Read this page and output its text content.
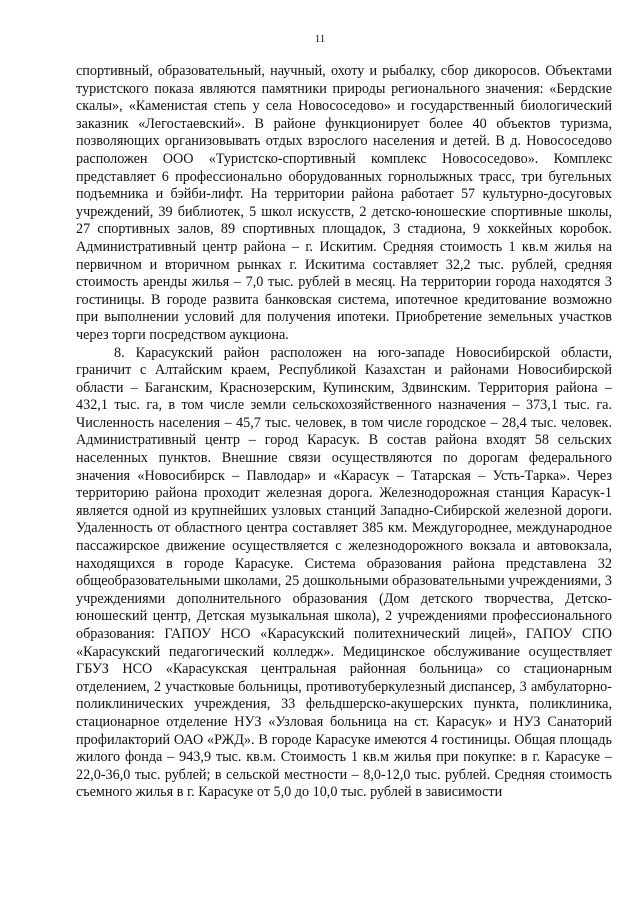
11

спортивный, образовательный, научный, охоту и рыбалку, сбор дикоросов. Объектами туристского показа являются памятники природы регионального значения: «Бердские скалы», «Каменистая степь у села Новососедово» и государственный биологический заказник «Легостаевский». В районе функционирует более 40 объектов туризма, позволяющих организовывать отдых взрослого населения и детей. В д. Новососедово расположен ООО «Туристско-спортивный комплекс Новососедово». Комплекс представляет 6 профессионально оборудованных горнолыжных трасс, три бугельных подъемника и бэйби-лифт. На территории района работает 57 культурно-досуговых учреждений, 39 библиотек, 5 школ искусств, 2 детско-юношеские спортивные школы, 27 спортивных залов, 89 спортивных площадок, 3 стадиона, 9 хоккейных коробок. Административный центр района – г. Искитим. Средняя стоимость 1 кв.м жилья на первичном и вторичном рынках г. Искитима составляет 32,2 тыс. рублей, средняя стоимость аренды жилья – 7,0 тыс. рублей в месяц. На территории города находятся 3 гостиницы. В городе развита банковская система, ипотечное кредитование возможно при выполнении условий для получения ипотеки. Приобретение земельных участков через торги посредством аукциона.

8. Карасукский район расположен на юго-западе Новосибирской области, граничит с Алтайским краем, Республикой Казахстан и районами Новосибирской области – Баганским, Краснозерским, Купинским, Здвинским. Территория района – 432,1 тыс. га, в том числе земли сельскохозяйственного назначения – 373,1 тыс. га. Численность населения – 45,7 тыс. человек, в том числе городское – 28,4 тыс. человек. Административный центр – город Карасук. В состав района входят 58 сельских населенных пунктов. Внешние связи осуществляются по дорогам федерального значения «Новосибирск – Павлодар» и «Карасук – Татарская – Усть-Тарка». Через территорию района проходит железная дорога. Железнодорожная станция Карасук-1 является одной из крупнейших узловых станций Западно-Сибирской железной дороги. Удаленность от областного центра составляет 385 км. Междугороднее, международное пассажирское движение осуществляется с железнодорожного вокзала и автовокзала, находящихся в городе Карасуке. Система образования района представлена 32 общеобразовательными школами, 25 дошкольными образовательными учреждениями, 3 учреждениями дополнительного образования (Дом детского творчества, Детско-юношеский центр, Детская музыкальная школа), 2 учреждениями профессионального образования: ГАПОУ НСО «Карасукский политехнический лицей», ГАПОУ СПО «Карасукский педагогический колледж». Медицинское обслуживание осуществляет ГБУЗ НСО «Карасукская центральная районная больница» со стационарным отделением, 2 участковые больницы, противотуберкулезный диспансер, 3 амбулаторно-поликлинических учреждения, 33 фельдшерско-акушерских пункта, поликлиника, стационарное отделение НУЗ «Узловая больница на ст. Карасук» и НУЗ Санаторий профилакторий ОАО «РЖД». В городе Карасуке имеются 4 гостиницы. Общая площадь жилого фонда – 943,9 тыс. кв.м. Стоимость 1 кв.м жилья при покупке: в г. Карасуке – 22,0-36,0 тыс. рублей; в сельской местности – 8,0-12,0 тыс. рублей. Средняя стоимость съемного жилья в г. Карасуке от 5,0 до 10,0 тыс. рублей в зависимости
